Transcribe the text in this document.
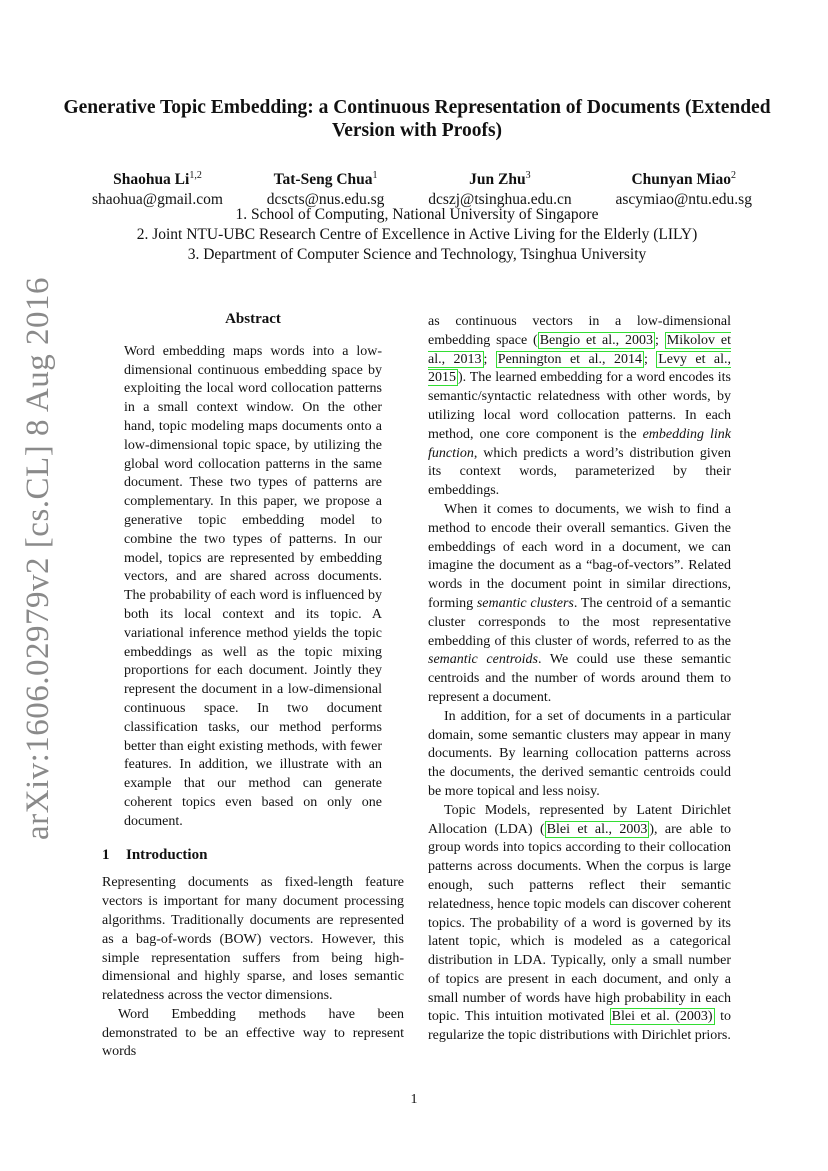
arXiv:1606.02979v2 [cs.CL] 8 Aug 2016
Generative Topic Embedding: a Continuous Representation of Documents (Extended Version with Proofs)
Shaohua Li$^{1,2}$
shaohua@gmail.com
Tat-Seng Chua$^1$
dcscts@nus.edu.sg
Jun Zhu$^3$
dcszj@tsinghua.edu.cn
Chunyan Miao$^2$
ascymiao@ntu.edu.sg
1. School of Computing, National University of Singapore
2. Joint NTU-UBC Research Centre of Excellence in Active Living for the Elderly (LILY)
3. Department of Computer Science and Technology, Tsinghua University
Abstract

Word embedding maps words into a low-dimensional continuous embedding space by exploiting the local word collocation patterns in a small context window. On the other hand, topic modeling maps documents onto a low-dimensional topic space, by utilizing the global word collocation patterns in the same document. These two types of patterns are complementary. In this paper, we propose a generative topic embedding model to combine the two types of patterns. In our model, topics are represented by embedding vectors, and are shared across documents. The probability of each word is influenced by both its local context and its topic. A variational inference method yields the topic embeddings as well as the topic mixing proportions for each document. Jointly they represent the document in a low-dimensional continuous space. In two document classification tasks, our method performs better than eight existing methods, with fewer features. In addition, we illustrate with an example that our method can generate coherent topics even based on only one document.

1 Introduction

Representing documents as fixed-length feature vectors is important for many document processing algorithms. Traditionally documents are represented as a bag-of-words (BOW) vectors. However, this simple representation suffers from being high-dimensional and highly sparse, and loses semantic relatedness across the vector dimensions.

Word Embedding methods have been demonstrated to be an effective way to represent words

as continuous vectors in a low-dimensional embedding space ( Bengio et al., 2003 ; Mikolov et al., 2013 ; Pennington et al., 2014 ; Levy et al., 2015 ). The learned embedding for a word encodes its semantic/syntactic relatedness with other words, by utilizing local word collocation patterns. In each method, one core component is the embedding link function, which predicts a word’s distribution given its context words, parameterized by their embeddings.

When it comes to documents, we wish to find a method to encode their overall semantics. Given the embeddings of each word in a document, we can imagine the document as a “bag-of-vectors”. Related words in the document point in similar directions, forming semantic clusters. The centroid of a semantic cluster corresponds to the most representative embedding of this cluster of words, referred to as the semantic centroids. We could use these semantic centroids and the number of words around them to represent a document.

In addition, for a set of documents in a particular domain, some semantic clusters may appear in many documents. By learning collocation patterns across the documents, the derived semantic centroids could be more topical and less noisy.

Topic Models, represented by Latent Dirichlet Allocation (LDA) ( Blei et al., 2003 ), are able to group words into topics according to their collocation patterns across documents. When the corpus is large enough, such patterns reflect their semantic relatedness, hence topic models can discover coherent topics. The probability of a word is governed by its latent topic, which is modeled as a categorical distribution in LDA. Typically, only a small number of topics are present in each document, and only a small number of words have high probability in each topic. This intuition motivated Blei et al. (2003) to regularize the topic distributions with Dirichlet priors.

1
